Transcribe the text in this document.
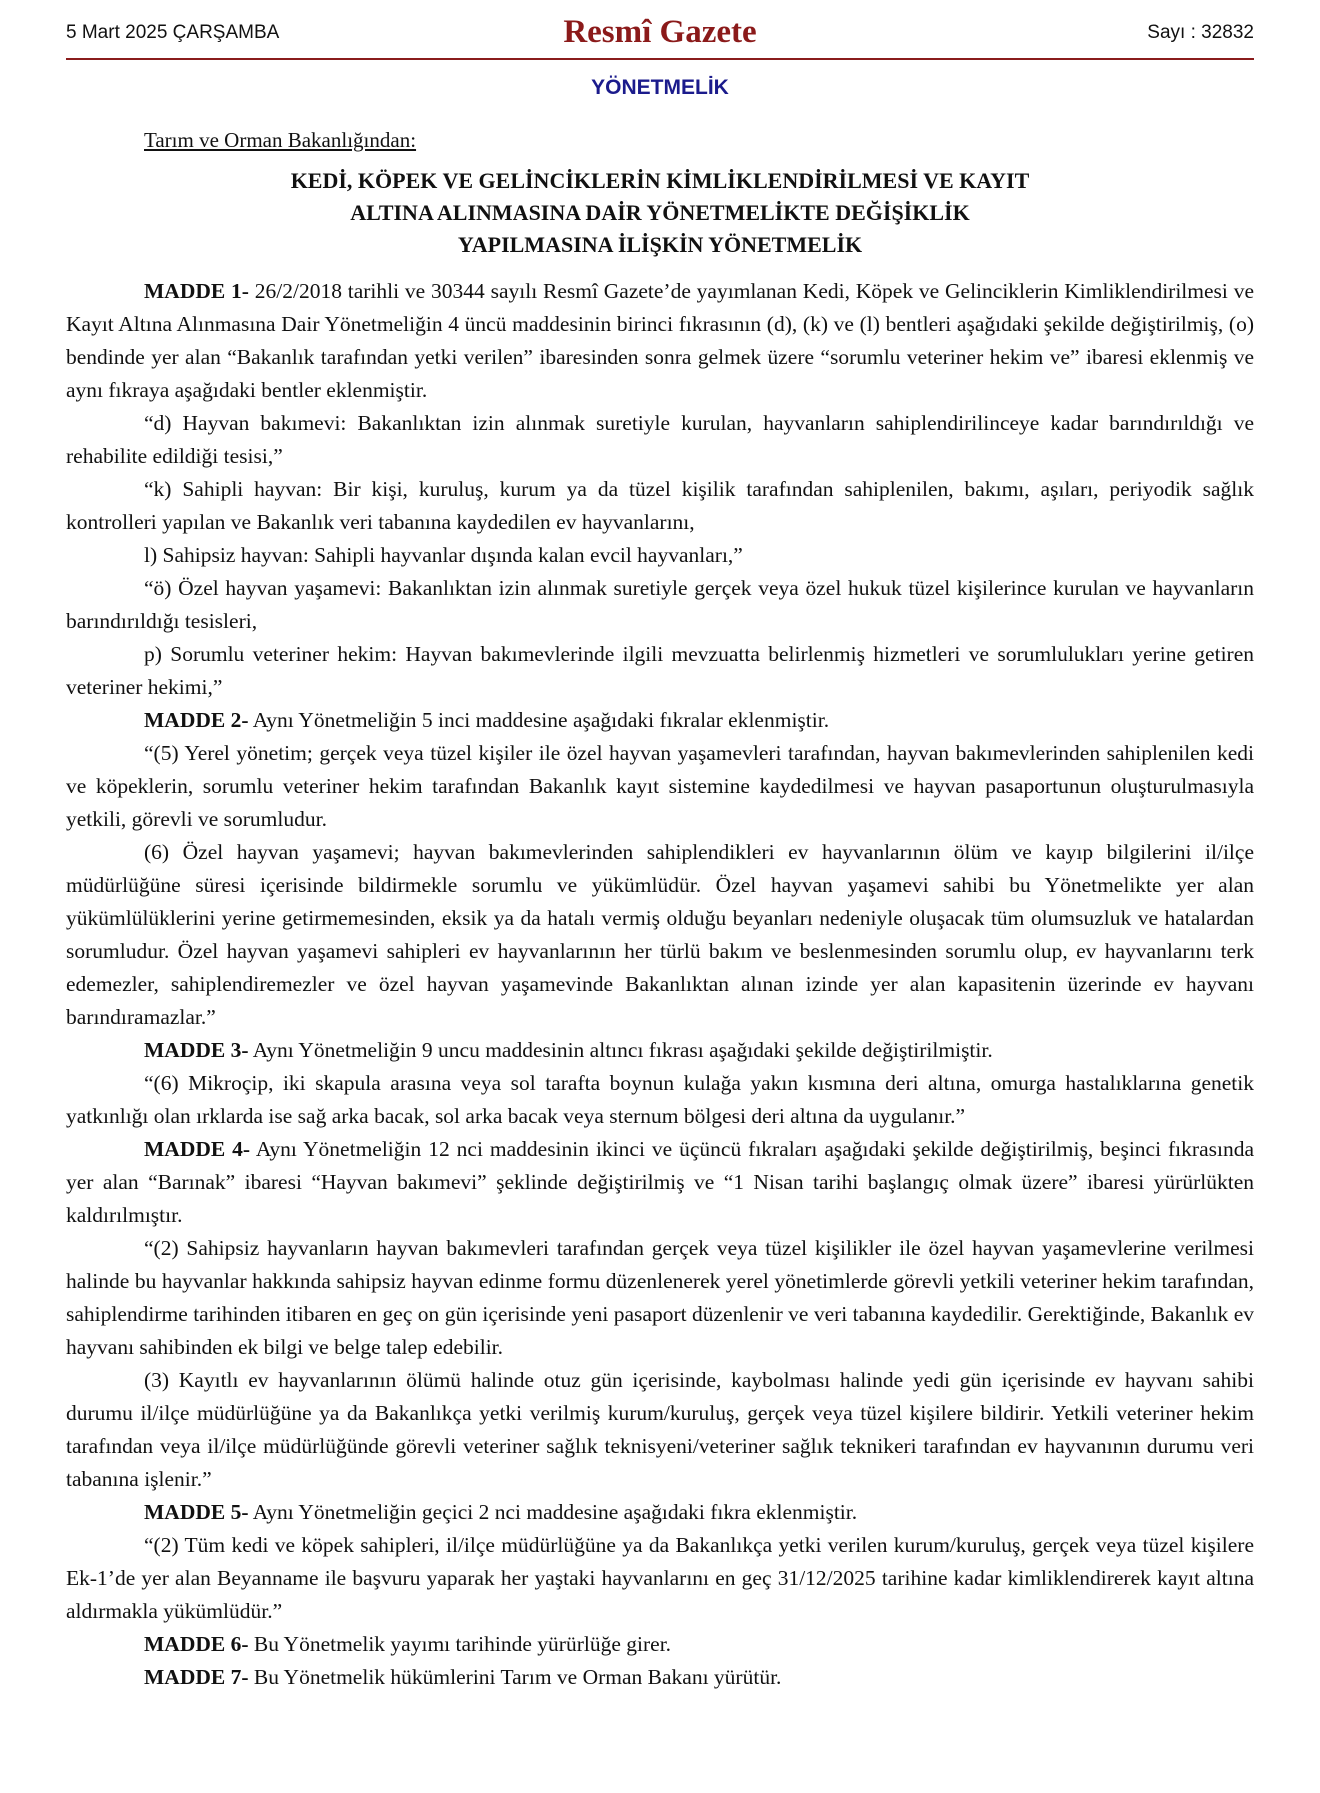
5 Mart 2025 ÇARŞAMBA	Resmî Gazete	Sayı : 32832
YÖNETMELİK
Tarım ve Orman Bakanlığından:
KEDİ, KÖPEK VE GELİNCİKLERİN KİMLİKLENDİRİLMESİ VE KAYIT
ALTINA ALINMASINA DAİR YÖNETMELİKTE DEĞİŞİKLİK
YAPILMASINA İLİŞKİN YÖNETMELİK

MADDE 1- 26/2/2018 tarihli ve 30344 sayılı Resmî Gazete’de yayımlanan Kedi, Köpek ve Gelinciklerin Kimliklendirilmesi ve Kayıt Altına Alınmasına Dair Yönetmeliğin 4 üncü maddesinin birinci fıkrasının (d), (k) ve (l) bentleri aşağıdaki şekilde değiştirilmiş, (o) bendinde yer alan “Bakanlık tarafından yetki verilen” ibaresinden sonra gelmek üzere “sorumlu veteriner hekim ve” ibaresi eklenmiş ve aynı fıkraya aşağıdaki bentler eklenmiştir.

“d) Hayvan bakımevi: Bakanlıktan izin alınmak suretiyle kurulan, hayvanların sahiplendirilinceye kadar barındırıldığı ve rehabilite edildiği tesisi,”

“k) Sahipli hayvan: Bir kişi, kuruluş, kurum ya da tüzel kişilik tarafından sahiplenilen, bakımı, aşıları, periyodik sağlık kontrolleri yapılan ve Bakanlık veri tabanına kaydedilen ev hayvanlarını,

l) Sahipsiz hayvan: Sahipli hayvanlar dışında kalan evcil hayvanları,”

“ö) Özel hayvan yaşamevi: Bakanlıktan izin alınmak suretiyle gerçek veya özel hukuk tüzel kişilerince kurulan ve hayvanların barındırıldığı tesisleri,

p) Sorumlu veteriner hekim: Hayvan bakımevlerinde ilgili mevzuatta belirlenmiş hizmetleri ve sorumlulukları yerine getiren veteriner hekimi,”

MADDE 2- Aynı Yönetmeliğin 5 inci maddesine aşağıdaki fıkralar eklenmiştir.

“(5) Yerel yönetim; gerçek veya tüzel kişiler ile özel hayvan yaşamevleri tarafından, hayvan bakımevlerinden sahiplenilen kedi ve köpeklerin, sorumlu veteriner hekim tarafından Bakanlık kayıt sistemine kaydedilmesi ve hayvan pasaportunun oluşturulmasıyla yetkili, görevli ve sorumludur.

(6) Özel hayvan yaşamevi; hayvan bakımevlerinden sahiplendikleri ev hayvanlarının ölüm ve kayıp bilgilerini il/ilçe müdürlüğüne süresi içerisinde bildirmekle sorumlu ve yükümlüdür. Özel hayvan yaşamevi sahibi bu Yönetmelikte yer alan yükümlülüklerini yerine getirmemesinden, eksik ya da hatalı vermiş olduğu beyanları nedeniyle oluşacak tüm olumsuzluk ve hatalardan sorumludur. Özel hayvan yaşamevi sahipleri ev hayvanlarının her türlü bakım ve beslenmesinden sorumlu olup, ev hayvanlarını terk edemezler, sahiplendiremezler ve özel hayvan yaşamevinde Bakanlıktan alınan izinde yer alan kapasitenin üzerinde ev hayvanı barındıramazlar.”

MADDE 3- Aynı Yönetmeliğin 9 uncu maddesinin altıncı fıkrası aşağıdaki şekilde değiştirilmiştir.

“(6) Mikroçip, iki skapula arasına veya sol tarafta boynun kulağa yakın kısmına deri altına, omurga hastalıklarına genetik yatkınlığı olan ırklarda ise sağ arka bacak, sol arka bacak veya sternum bölgesi deri altına da uygulanır.”

MADDE 4- Aynı Yönetmeliğin 12 nci maddesinin ikinci ve üçüncü fıkraları aşağıdaki şekilde değiştirilmiş, beşinci fıkrasında yer alan “Barınak” ibaresi “Hayvan bakımevi” şeklinde değiştirilmiş ve “1 Nisan tarihi başlangıç olmak üzere” ibaresi yürürlükten kaldırılmıştır.

“(2) Sahipsiz hayvanların hayvan bakımevleri tarafından gerçek veya tüzel kişilikler ile özel hayvan yaşamevlerine verilmesi halinde bu hayvanlar hakkında sahipsiz hayvan edinme formu düzenlenerek yerel yönetimlerde görevli yetkili veteriner hekim tarafından, sahiplendirme tarihinden itibaren en geç on gün içerisinde yeni pasaport düzenlenir ve veri tabanına kaydedilir. Gerektiğinde, Bakanlık ev hayvanı sahibinden ek bilgi ve belge talep edebilir.

(3) Kayıtlı ev hayvanlarının ölümü halinde otuz gün içerisinde, kaybolması halinde yedi gün içerisinde ev hayvanı sahibi durumu il/ilçe müdürlüğüne ya da Bakanlıkça yetki verilmiş kurum/kuruluş, gerçek veya tüzel kişilere bildirir. Yetkili veteriner hekim tarafından veya il/ilçe müdürlüğünde görevli veteriner sağlık teknisyeni/veteriner sağlık teknikeri tarafından ev hayvanının durumu veri tabanına işlenir.”

MADDE 5- Aynı Yönetmeliğin geçici 2 nci maddesine aşağıdaki fıkra eklenmiştir.

“(2) Tüm kedi ve köpek sahipleri, il/ilçe müdürlüğüne ya da Bakanlıkça yetki verilen kurum/kuruluş, gerçek veya tüzel kişilere Ek-1’de yer alan Beyanname ile başvuru yaparak her yaştaki hayvanlarını en geç 31/12/2025 tarihine kadar kimliklendirerek kayıt altına aldırmakla yükümlüdür.”

MADDE 6- Bu Yönetmelik yayımı tarihinde yürürlüğe girer.

MADDE 7- Bu Yönetmelik hükümlerini Tarım ve Orman Bakanı yürütür.
